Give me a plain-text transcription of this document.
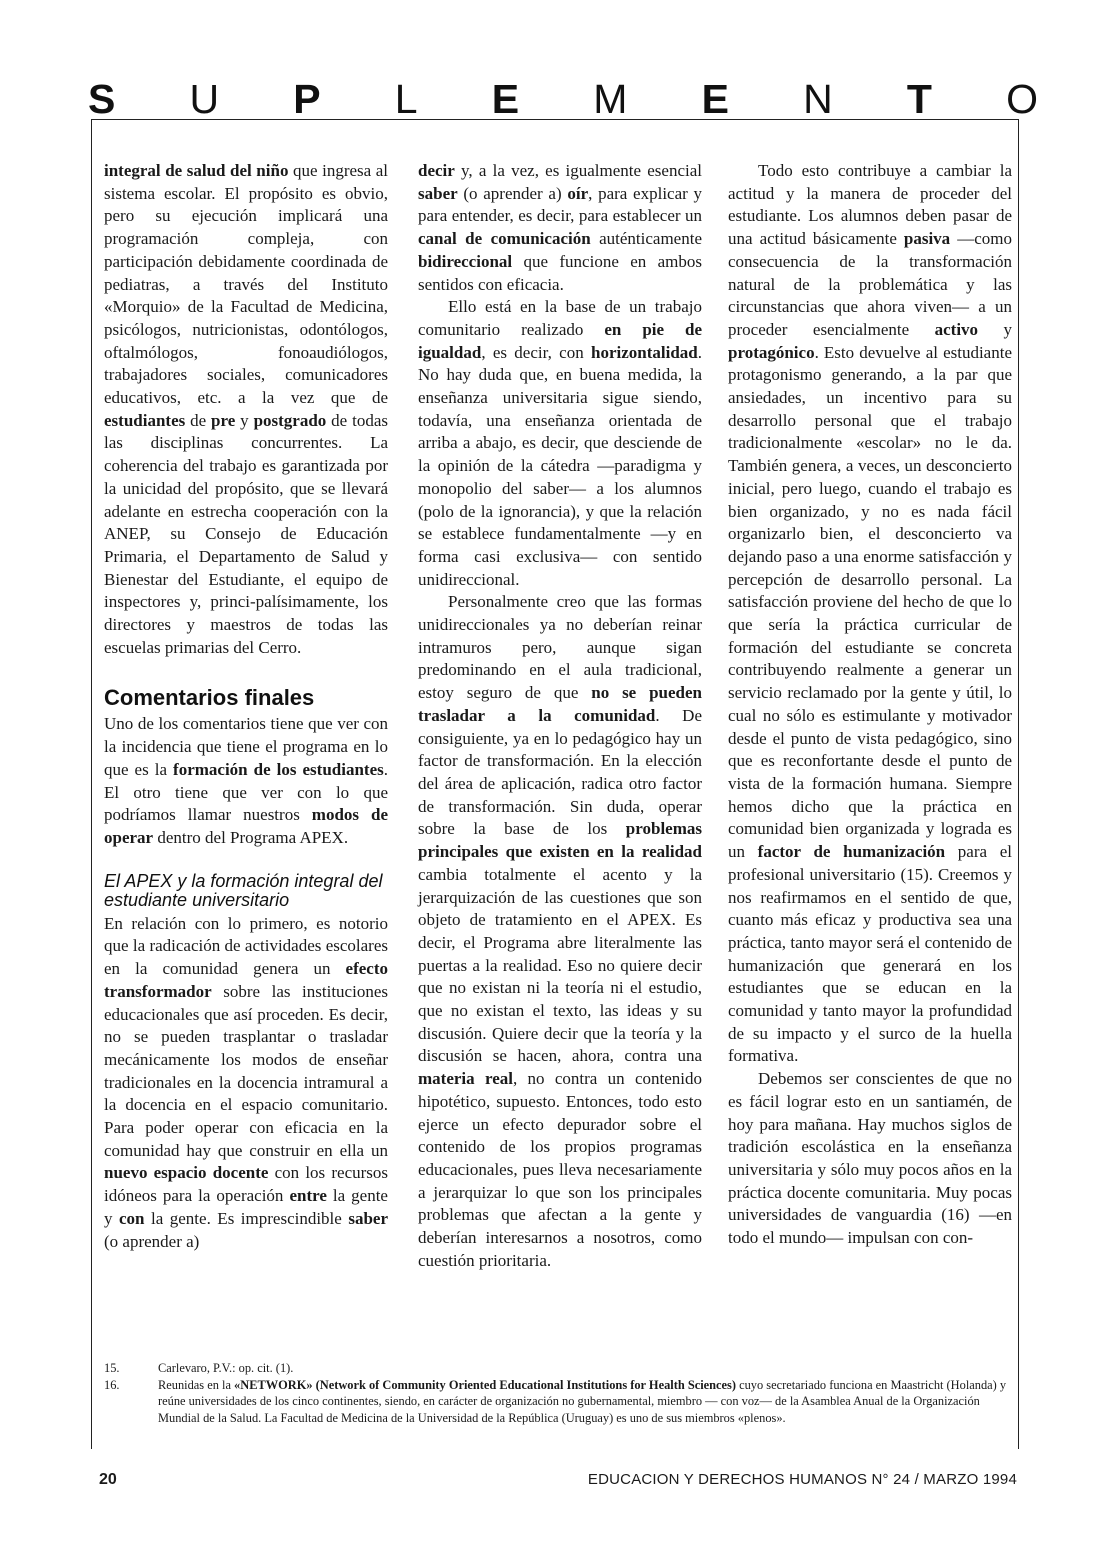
S U P L E M E N T O

integral de salud del niño que ingresa al sistema escolar. El propósito es obvio, pero su ejecución implicará una programación compleja, con participación debidamente coordinada de pediatras, a través del Instituto «Morquio» de la Facultad de Medicina, psicólogos, nutricionistas, odontólogos, oftalmólogos, fonoaudiólogos, trabajadores sociales, comunicadores educativos, etc. a la vez que de estudiantes de pre y postgrado de todas las disciplinas concurrentes. La coherencia del trabajo es garantizada por la unicidad del propósito, que se llevará adelante en estrecha cooperación con la ANEP, su Consejo de Educación Primaria, el Departamento de Salud y Bienestar del Estudiante, el equipo de inspectores y, princi-palísimamente, los directores y maestros de todas las escuelas primarias del Cerro.

Comentarios finales

Uno de los comentarios tiene que ver con la incidencia que tiene el programa en lo que es la formación de los estudiantes. El otro tiene que ver con lo que podríamos llamar nuestros modos de operar dentro del Programa APEX.

El APEX y la formación integral del estudiante universitario

En relación con lo primero, es notorio que la radicación de actividades escolares en la comunidad genera un efecto transformador sobre las instituciones educacionales que así proceden. Es decir, no se pueden trasplantar o trasladar mecánicamente los modos de enseñar tradicionales en la docencia intramural a la docencia en el espacio comunitario. Para poder operar con eficacia en la comunidad hay que construir en ella un nuevo espacio docente con los recursos idóneos para la operación entre la gente y con la gente. Es imprescindible saber (o aprender a)

decir y, a la vez, es igualmente esencial saber (o aprender a) oír, para explicar y para entender, es decir, para establecer un canal de comunicación auténticamente bidireccional que funcione en ambos sentidos con eficacia.

Ello está en la base de un trabajo comunitario realizado en pie de igualdad, es decir, con horizontalidad. No hay duda que, en buena medida, la enseñanza universitaria sigue siendo, todavía, una enseñanza orientada de arriba a abajo, es decir, que desciende de la opinión de la cátedra —paradigma y monopolio del saber— a los alumnos (polo de la ignorancia), y que la relación se establece fundamentalmente —y en forma casi exclusiva— con sentido unidireccional.

Personalmente creo que las formas unidireccionales ya no deberían reinar intramuros pero, aunque sigan predominando en el aula tradicional, estoy seguro de que no se pueden trasladar a la comunidad. De consiguiente, ya en lo pedagógico hay un factor de transformación. En la elección del área de aplicación, radica otro factor de transformación. Sin duda, operar sobre la base de los problemas principales que existen en la realidad cambia totalmente el acento y la jerarquización de las cuestiones que son objeto de tratamiento en el APEX. Es decir, el Programa abre literalmente las puertas a la realidad. Eso no quiere decir que no existan ni la teoría ni el estudio, que no existan el texto, las ideas y su discusión. Quiere decir que la teoría y la discusión se hacen, ahora, contra una materia real, no contra un contenido hipotético, supuesto. Entonces, todo esto ejerce un efecto depurador sobre el contenido de los propios programas educacionales, pues lleva necesariamente a jerarquizar lo que son los principales problemas que afectan a la gente y deberían interesarnos a nosotros, como cuestión prioritaria.

Todo esto contribuye a cambiar la actitud y la manera de proceder del estudiante. Los alumnos deben pasar de una actitud básicamente pasiva —como consecuencia de la transformación natural de la problemática y las circunstancias que ahora viven— a un proceder esencialmente activo y protagónico. Esto devuelve al estudiante protagonismo generando, a la par que ansiedades, un incentivo para su desarrollo personal que el trabajo tradicionalmente «escolar» no le da. También genera, a veces, un desconcierto inicial, pero luego, cuando el trabajo es bien organizado, y no es nada fácil organizarlo bien, el desconcierto va dejando paso a una enorme satisfacción y percepción de desarrollo personal. La satisfacción proviene del hecho de que lo que sería la práctica curricular de formación del estudiante se concreta contribuyendo realmente a generar un servicio reclamado por la gente y útil, lo cual no sólo es estimulante y motivador desde el punto de vista pedagógico, sino que es reconfortante desde el punto de vista de la formación humana. Siempre hemos dicho que la práctica en comunidad bien organizada y lograda es un factor de humanización para el profesional universitario (15). Creemos y nos reafirmamos en el sentido de que, cuanto más eficaz y productiva sea una práctica, tanto mayor será el contenido de humanización que generará en los estudiantes que se educan en la comunidad y tanto mayor la profundidad de su impacto y el surco de la huella formativa.

Debemos ser conscientes de que no es fácil lograr esto en un santiamén, de hoy para mañana. Hay muchos siglos de tradición escolástica en la enseñanza universitaria y sólo muy pocos años en la práctica docente comunitaria. Muy pocas universidades de vanguardia (16) —en todo el mundo— impulsan con con-

15.	Carlevaro, P.V.: op. cit. (1).
16.	Reunidas en la «NETWORK» (Network of Community Oriented Educational Institutions for Health Sciences) cuyo secretariado funciona en Maastricht (Holanda) y reúne universidades de los cinco continentes, siendo, en carácter de organización no gubernamental, miembro — con voz— de la Asamblea Anual de la Organización Mundial de la Salud. La Facultad de Medicina de la Universidad de la República (Uruguay) es uno de sus miembros «plenos».
20	EDUCACION Y DERECHOS HUMANOS N° 24 / MARZO 1994
